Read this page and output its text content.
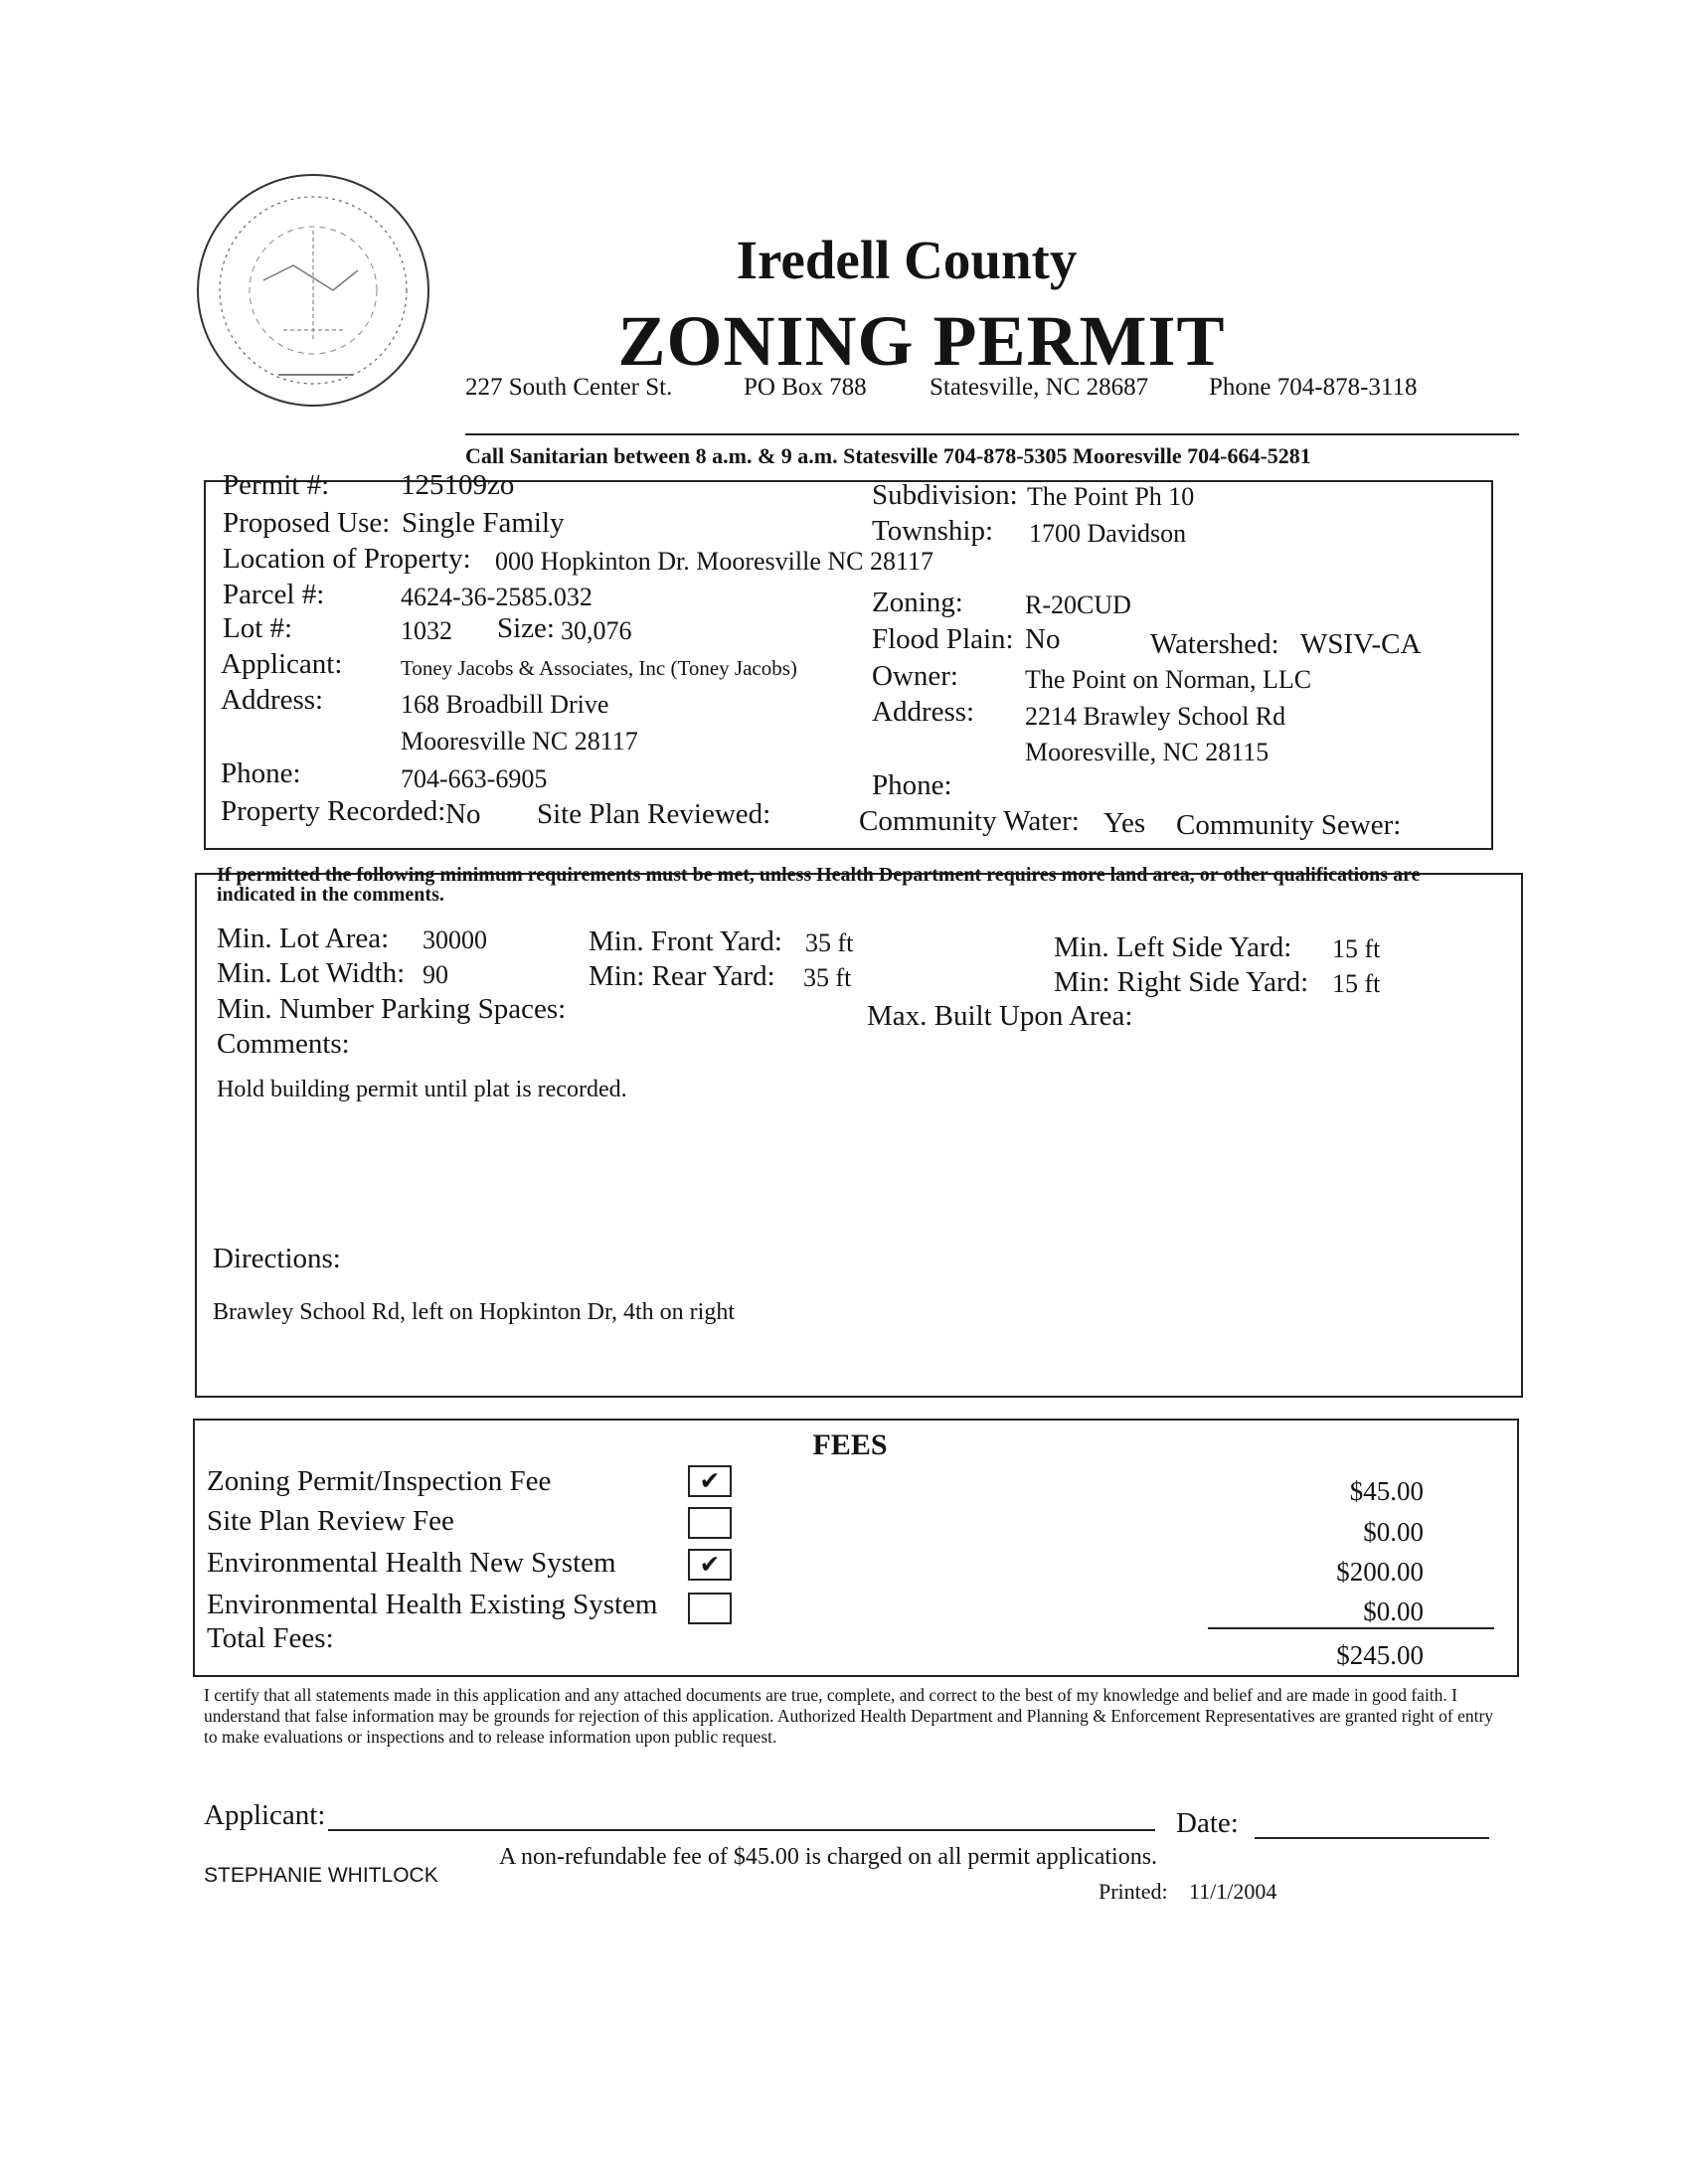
Iredell County
ZONING PERMIT
227 South Center St.	PO Box 788	Statesville, NC 28687 Phone 704-878-3118
Call Sanitarian between 8 a.m. & 9 a.m. Statesville 704-878-5305 Mooresville 704-664-5281
Permit #: 125109zo
Proposed Use: Single Family
Location of Property: 000 Hopkinton Dr. Mooresville NC 28117
Parcel #:	4624-36-2585.032
Lot #:	1032 Size: 30,076
Applicant:	Toney Jacobs & Associates, Inc (Toney Jacobs)
Address:	168 Broadbill Drive
Mooresville NC 28117
Phone:	704-663-6905
Property Recorded: No Site Plan Reviewed:
Subdivision: The Point Ph 10
Township: 1700 Davidson
Zoning: R-20CUD
Flood Plain: No	Watershed: WSIV-CA
Owner:	The Point on Norman, LLC
Address: 2214 Brawley School Rd
Mooresville, NC 28115
Phone:
Community Water: Yes Community Sewer:
If permitted the following minimum requirements must be met, unless Health Department requires more land area, or other qualifications are indicated in the comments.
Min. Lot Area: 30000
Min. Lot Width: 90
Min. Number Parking Spaces:
Comments:
Hold building permit until plat is recorded.
Min. Front Yard: 35 ft
Min: Rear Yard: 35 ft
Max. Built Upon Area:
Min. Left Side Yard: 15 ft
Min: Right Side Yard: 15 ft
Directions:
Brawley School Rd, left on Hopkinton Dr, 4th on right
FEES
Zoning Permit/Inspection Fee	✔	$45.00
Site Plan Review Fee	$0.00
Environmental Health New System	✔	$200.00
Environmental Health Existing System	$0.00
Total Fees:
$245.00
I certify that all statements made in this application and any attached documents are true, complete, and correct to the best of my knowledge and belief and are made in good faith. I understand that false information may be grounds for rejection of this application. Authorized Health Department and Planning & Enforcement Representatives are granted right of entry to make evaluations or inspections and to release information upon public request.
Applicant:	Date:
A non-refundable fee of $45.00 is charged on all permit applications.
STEPHANIE WHITLOCK
Printed: 11/1/2004
